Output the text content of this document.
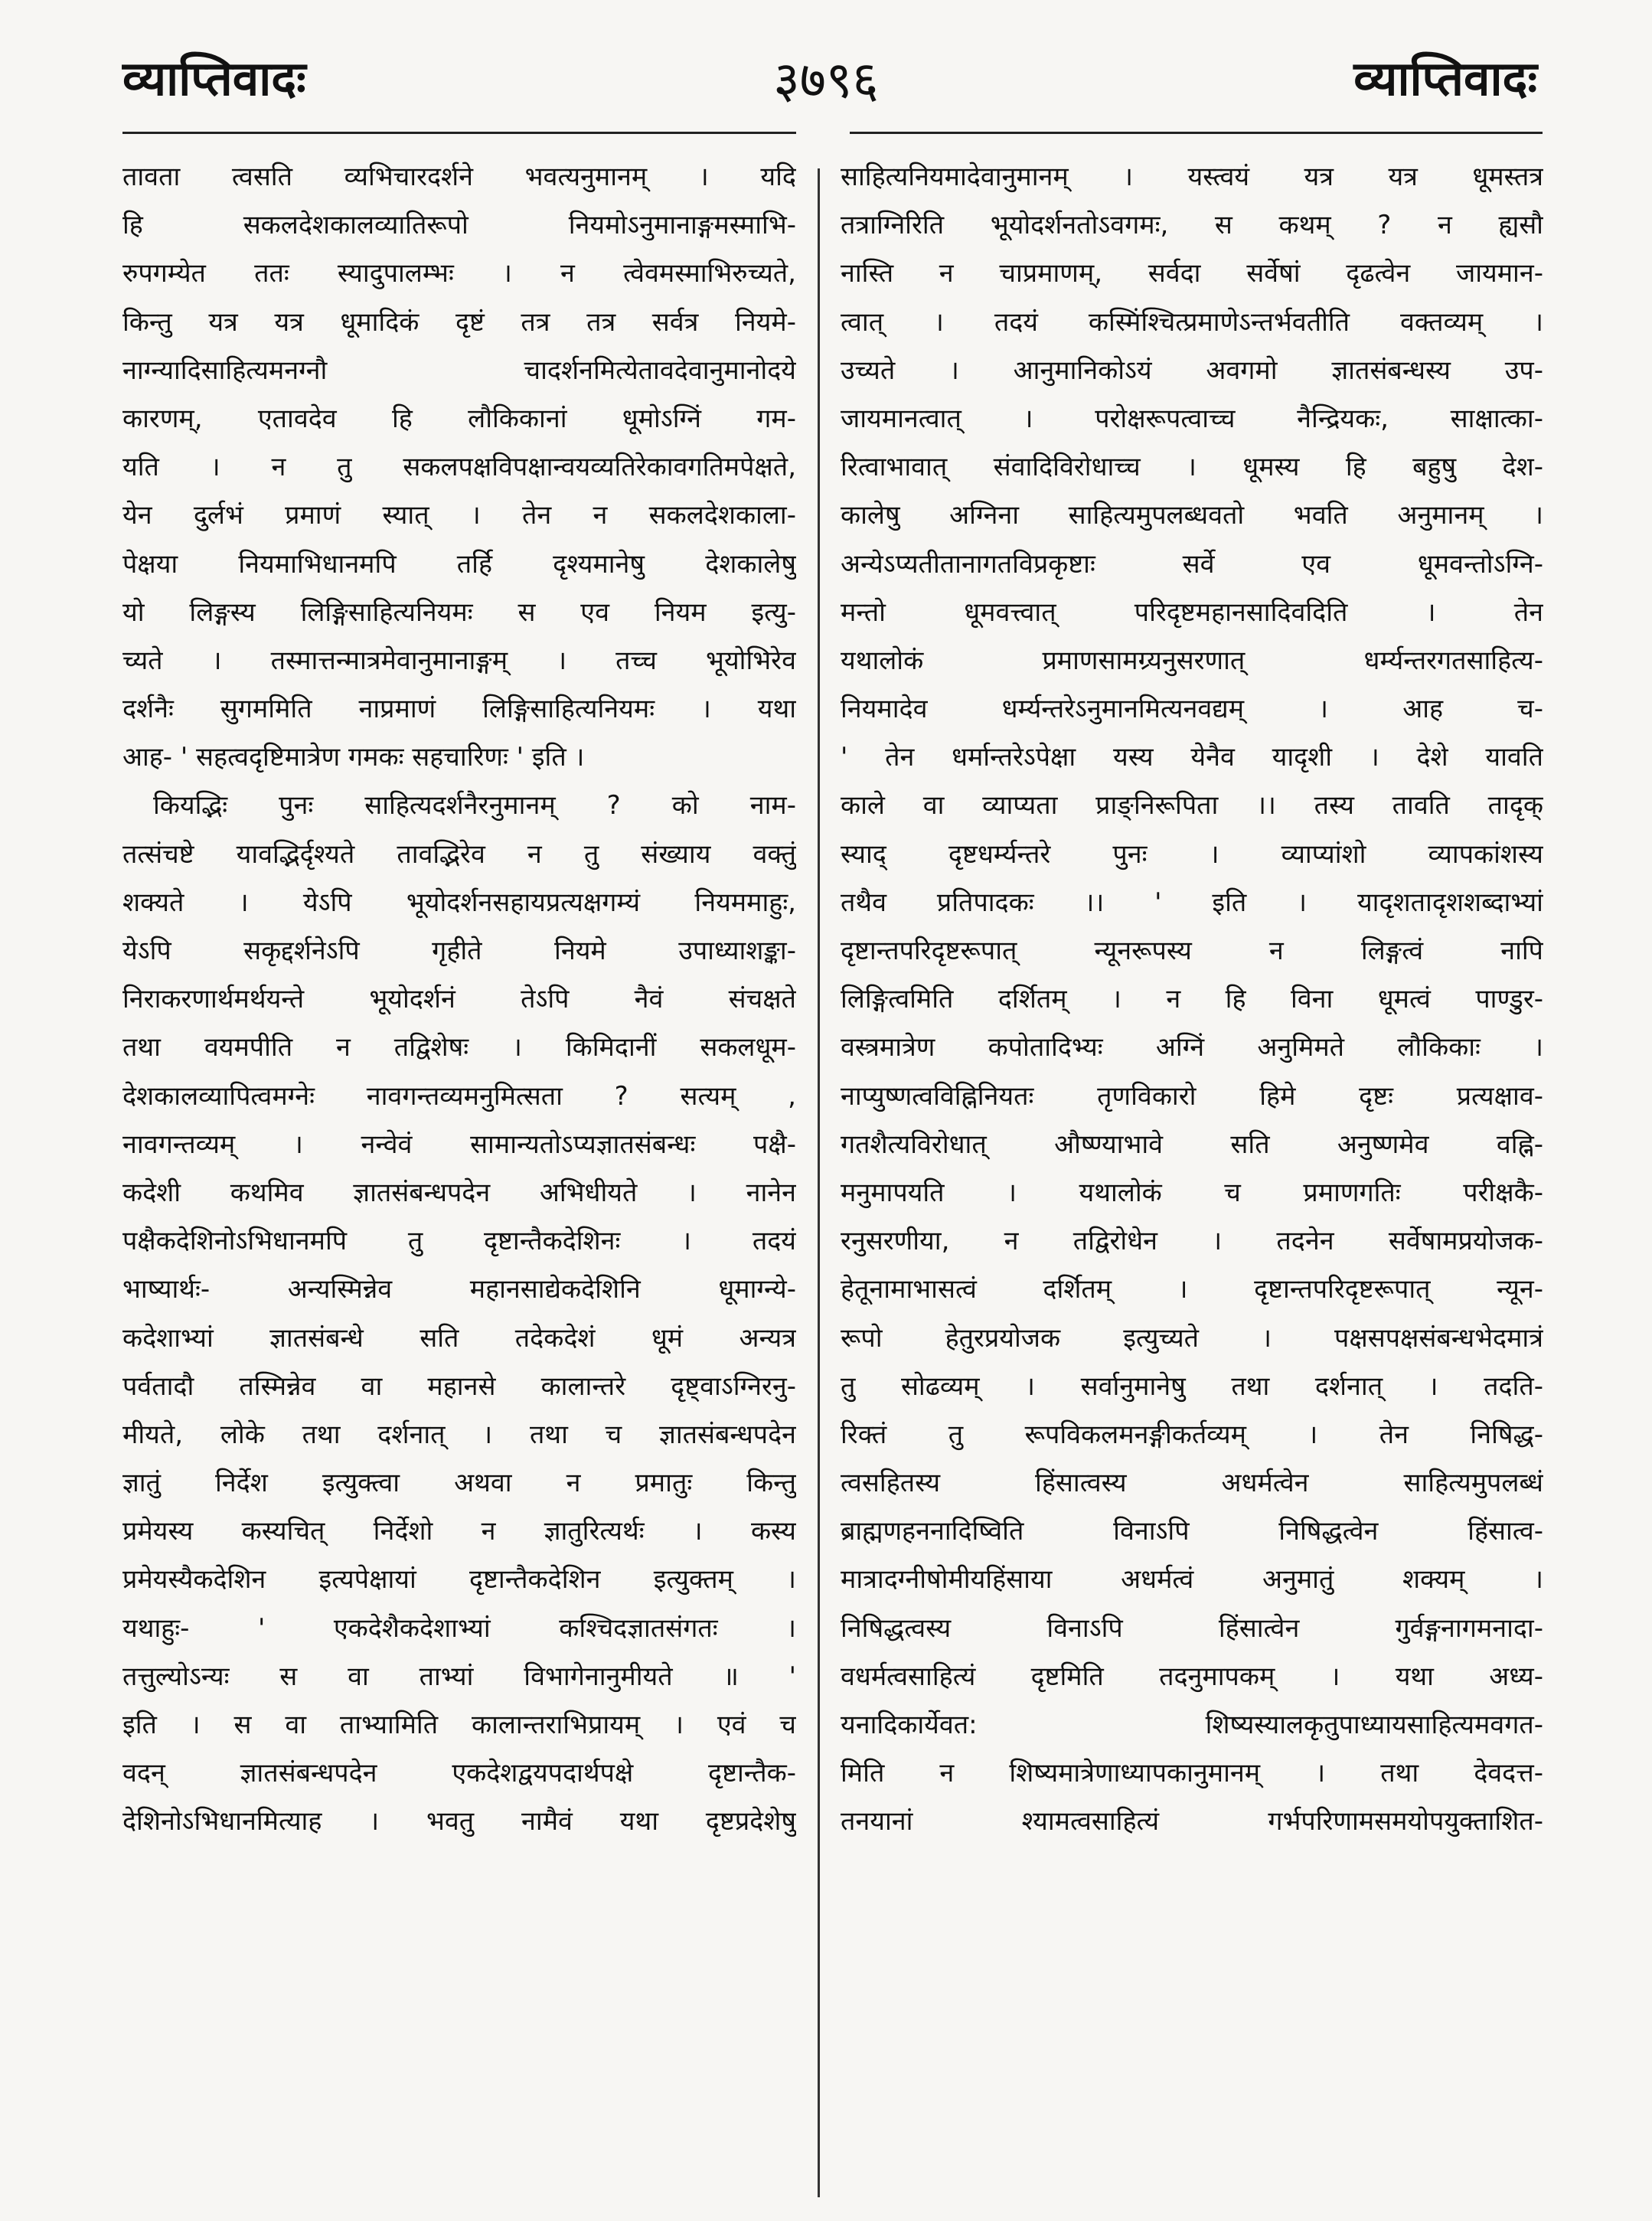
३७९६
व्याप्तिवादः	व्याप्तिवादः
तावता त्वसति व्यभिचारदर्शने भवत्यनुमानम् । यदि
हि सकलदेशकालव्यातिरूपो नियमोऽनुमानाङ्गमस्माभि-
रुपगम्येत ततः स्यादुपालम्भः । न त्वेवमस्माभिरुच्यते,
किन्तु यत्र यत्र धूमादिकं दृष्टं तत्र तत्र सर्वत्र नियमे-
नाग्न्यादिसाहित्यमनग्नौ चादर्शनमित्येतावदेवानुमानोदये
कारणम्, एतावदेव हि लौकिकानां धूमोऽग्निं गम-
यति । न तु सकलपक्षविपक्षान्वयव्यतिरेकावगतिमपेक्षते,
येन दुर्लभं प्रमाणं स्यात् । तेन न सकलदेशकाला-
पेक्षया नियमाभिधानमपि तर्हि दृश्यमानेषु देशकालेषु
यो लिङ्गस्य लिङ्गिसाहित्यनियमः स एव नियम इत्यु-
च्यते । तस्मात्तन्मात्रमेवानुमानाङ्गम् । तच्च भूयोभिरेव
दर्शनैः सुगममिति नाप्रमाणं लिङ्गिसाहित्यनियमः । यथा
आह- ' सहत्वदृष्टिमात्रेण गमकः सहचारिणः ' इति ।
कियद्भिः पुनः साहित्यदर्शनैरनुमानम् ? को नाम-
तत्संचष्टे यावद्भिर्दृश्यते तावद्भिरेव न तु संख्याय वक्तुं
शक्यते । येऽपि भूयोदर्शनसहायप्रत्यक्षगम्यं नियममाहुः,
येऽपि सकृद्दर्शनेऽपि गृहीते नियमे उपाध्याशङ्का-
निराकरणार्थमर्थयन्ते भूयोदर्शनं तेऽपि नैवं संचक्षते
तथा वयमपीति न तद्विशेषः । किमिदानीं सकलधूम-
देशकालव्यापित्वमग्नेः नावगन्तव्यमनुमित्सता ? सत्यम् ,
नावगन्तव्यम् । नन्वेवं सामान्यतोऽप्यज्ञातसंबन्धः पक्षै-
कदेशी कथमिव ज्ञातसंबन्धपदेन अभिधीयते । नानेन
पक्षैकदेशिनोऽभिधानमपि तु दृष्टान्तैकदेशिनः । तदयं
भाष्यार्थः- अन्यस्मिन्नेव महानसाद्येकदेशिनि धूमाग्न्ये-
कदेशाभ्यां ज्ञातसंबन्धे सति तदेकदेशं धूमं अन्यत्र
पर्वतादौ तस्मिन्नेव वा महानसे कालान्तरे दृष्ट्वाऽग्निरनु-
मीयते, लोके तथा दर्शनात् । तथा च ज्ञातसंबन्धपदेन
ज्ञातुं निर्देश इत्युक्त्वा अथवा न प्रमातुः किन्तु
प्रमेयस्य कस्यचित् निर्देशो न ज्ञातुरित्यर्थः । कस्य
प्रमेयस्यैकदेशिन इत्यपेक्षायां दृष्टान्तैकदेशिन इत्युक्तम् ।
यथाहुः- ' एकदेशैकदेशाभ्यां कश्चिदज्ञातसंगतः ।
तत्तुल्योऽन्यः स वा ताभ्यां विभागेनानुमीयते ॥ '
इति । स वा ताभ्यामिति कालान्तराभिप्रायम् । एवं च
वदन् ज्ञातसंबन्धपदेन एकदेशद्वयपदार्थपक्षे दृष्टान्तैक-
देशिनोऽभिधानमित्याह । भवतु नामैवं यथा दृष्टप्रदेशेषु
साहित्यनियमादेवानुमानम् । यस्त्वयं यत्र यत्र धूमस्तत्र
तत्राग्निरिति भूयोदर्शनतोऽवगमः, स कथम् ? न ह्यसौ
नास्ति न चाप्रमाणम्, सर्वदा सर्वेषां दृढत्वेन जायमान-
त्वात् । तदयं कस्मिंश्चित्प्रमाणेऽन्तर्भवतीति वक्तव्यम् ।
उच्यते । आनुमानिकोऽयं अवगमो ज्ञातसंबन्धस्य उप-
जायमानत्वात् । परोक्षरूपत्वाच्च नैन्द्रियकः, साक्षात्का-
रित्वाभावात् संवादिविरोधाच्च । धूमस्य हि बहुषु देश-
कालेषु अग्निना साहित्यमुपलब्धवतो भवति अनुमानम् ।
अन्येऽप्यतीतानागतविप्रकृष्टाः सर्वे एव धूमवन्तोऽग्नि-
मन्तो धूमवत्त्वात् परिदृष्टमहानसादिवदिति । तेन
यथालोकं प्रमाणसामग्र्यनुसरणात् धर्म्यन्तरगतसाहित्य-
नियमादेव धर्म्यन्तरेऽनुमानमित्यनवद्यम् । आह च-
' तेन धर्मान्तरेऽपेक्षा यस्य येनैव यादृशी । देशे यावति
काले वा व्याप्यता प्राङ्निरूपिता ।। तस्य तावति तादृक्
स्याद् दृष्टधर्म्यन्तरे पुनः । व्याप्यांशो व्यापकांशस्य
तथैव प्रतिपादकः ।। ' इति । यादृशतादृशशब्दाभ्यां
दृष्टान्तपरिदृष्टरूपात् न्यूनरूपस्य न लिङ्गत्वं नापि
लिङ्गित्वमिति दर्शितम् । न हि विना धूमत्वं पाण्डुर-
वस्त्रमात्रेण कपोतादिभ्यः अग्निं अनुमिमते लौकिकाः ।
नाप्युष्णत्वविह्निनियतः तृणविकारो हिमे दृष्टः प्रत्यक्षाव-
गतशैत्यविरोधात् औष्ण्याभावे सति अनुष्णमेव वह्नि-
मनुमापयति । यथालोकं च प्रमाणगतिः परीक्षकै-
रनुसरणीया, न तद्विरोधेन । तदनेन सर्वेषामप्रयोजक-
हेतूनामाभासत्वं दर्शितम् । दृष्टान्तपरिदृष्टरूपात् न्यून-
रूपो हेतुरप्रयोजक इत्युच्यते । पक्षसपक्षसंबन्धभेदमात्रं
तु सोढव्यम् । सर्वानुमानेषु तथा दर्शनात् । तदति-
रिक्तं तु रूपविकलमनङ्गीकर्तव्यम् । तेन निषिद्ध-
त्वसहितस्य हिंसात्वस्य अधर्मत्वेन साहित्यमुपलब्धं
ब्राह्मणहननादिष्विति विनाऽपि निषिद्धत्वेन हिंसात्व-
मात्रादग्नीषोमीयहिंसाया अधर्मत्वं अनुमातुं शक्यम् ।
निषिद्धत्वस्य विनाऽपि हिंसात्वेन गुर्वङ्गनागमनादा-
वधर्मत्वसाहित्यं दृष्टमिति तदनुमापकम् । यथा अध्य-
यनादिकार्येवत: शिष्यस्यालकृतुपाध्यायसाहित्यमवगत-
मिति न शिष्यमात्रेणाध्यापकानुमानम् । तथा देवदत्त-
तनयानां श्यामत्वसाहित्यं गर्भपरिणामसमयोपयुक्ताशित-
